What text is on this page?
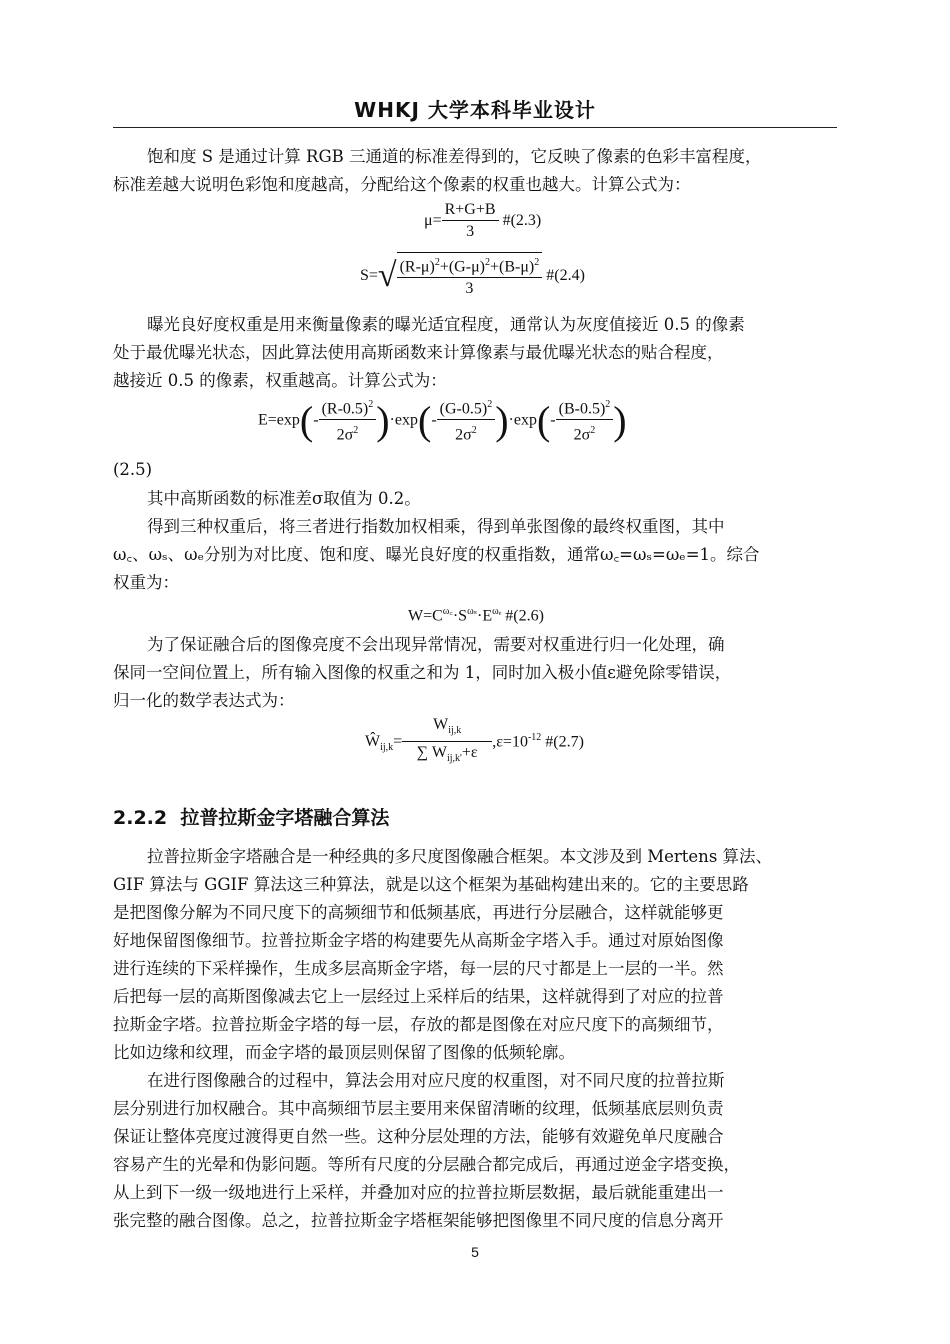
WHKJ 大学本科毕业设计
饱和度 S 是通过计算 RGB 三通道的标准差得到的，它反映了像素的色彩丰富程度，
标准差越大说明色彩饱和度越高，分配给这个像素的权重也越大。计算公式为：
$\mu= \frac{R+G+B}{3}$ #(2.3)
$S=√ \frac{(R-\mu)^2+(G-\mu)^2+(B-\mu)^2}{3}$ #(2.4)
曝光良好度权重是用来衡量像素的曝光适宜程度，通常认为灰度值接近 0.5 的像素
处于最优曝光状态，因此算法使用高斯函数来计算像素与最优曝光状态的贴合程度，
越接近 0.5 的像素，权重越高。计算公式为：
$E=\exp(- \frac{(R-0.5)^2}{2\sigma^2} )\cdot\exp(- \frac{(G-0.5)^2}{2\sigma^2} )\cdot\exp(- \frac{(B-0.5)^2}{2\sigma^2}$ )
(2.5)
其中高斯函数的标准差σ取值为 0.2。
得到三种权重后，将三者进行指数加权相乘，得到单张图像的最终权重图，其中
ω꜀、ωₛ、ωₑ分别为对比度、饱和度、曝光良好度的权重指数，通常ω꜀=ωₛ=ωₑ=1。综合
权重为：
$W=C^{\omega꜀}\cdot S^{\omega_s}\cdot E^{\omega_e}$ #(2.6)
为了保证融合后的图像亮度不会出现异常情况，需要对权重进行归一化处理，确
保同一空间位置上，所有输入图像的权重之和为 1，同时加入极小值ε避免除零错误，
归一化的数学表达式为：
$Ŵ_{ij,k}= \frac{W_{ij,k}}{\sum W_{ij,k'}+\varepsilon} ,\varepsilon=10^{-12}$ #(2.7)
2.2.2 拉普拉斯金字塔融合算法
拉普拉斯金字塔融合是一种经典的多尺度图像融合框架。本文涉及到 Mertens 算法、
GIF 算法与 GGIF 算法这三种算法，就是以这个框架为基础构建出来的。它的主要思路
是把图像分解为不同尺度下的高频细节和低频基底，再进行分层融合，这样就能够更
好地保留图像细节。拉普拉斯金字塔的构建要先从高斯金字塔入手。通过对原始图像
进行连续的下采样操作，生成多层高斯金字塔，每一层的尺寸都是上一层的一半。然
后把每一层的高斯图像减去它上一层经过上采样后的结果，这样就得到了对应的拉普
拉斯金字塔。拉普拉斯金字塔的每一层，存放的都是图像在对应尺度下的高频细节，
比如边缘和纹理，而金字塔的最顶层则保留了图像的低频轮廓。
在进行图像融合的过程中，算法会用对应尺度的权重图，对不同尺度的拉普拉斯
层分别进行加权融合。其中高频细节层主要用来保留清晰的纹理，低频基底层则负责
保证让整体亮度过渡得更自然一些。这种分层处理的方法，能够有效避免单尺度融合
容易产生的光晕和伪影问题。等所有尺度的分层融合都完成后，再通过逆金字塔变换，
从上到下一级一级地进行上采样，并叠加对应的拉普拉斯层数据，最后就能重建出一
张完整的融合图像。总之，拉普拉斯金字塔框架能够把图像里不同尺度的信息分离开
5
